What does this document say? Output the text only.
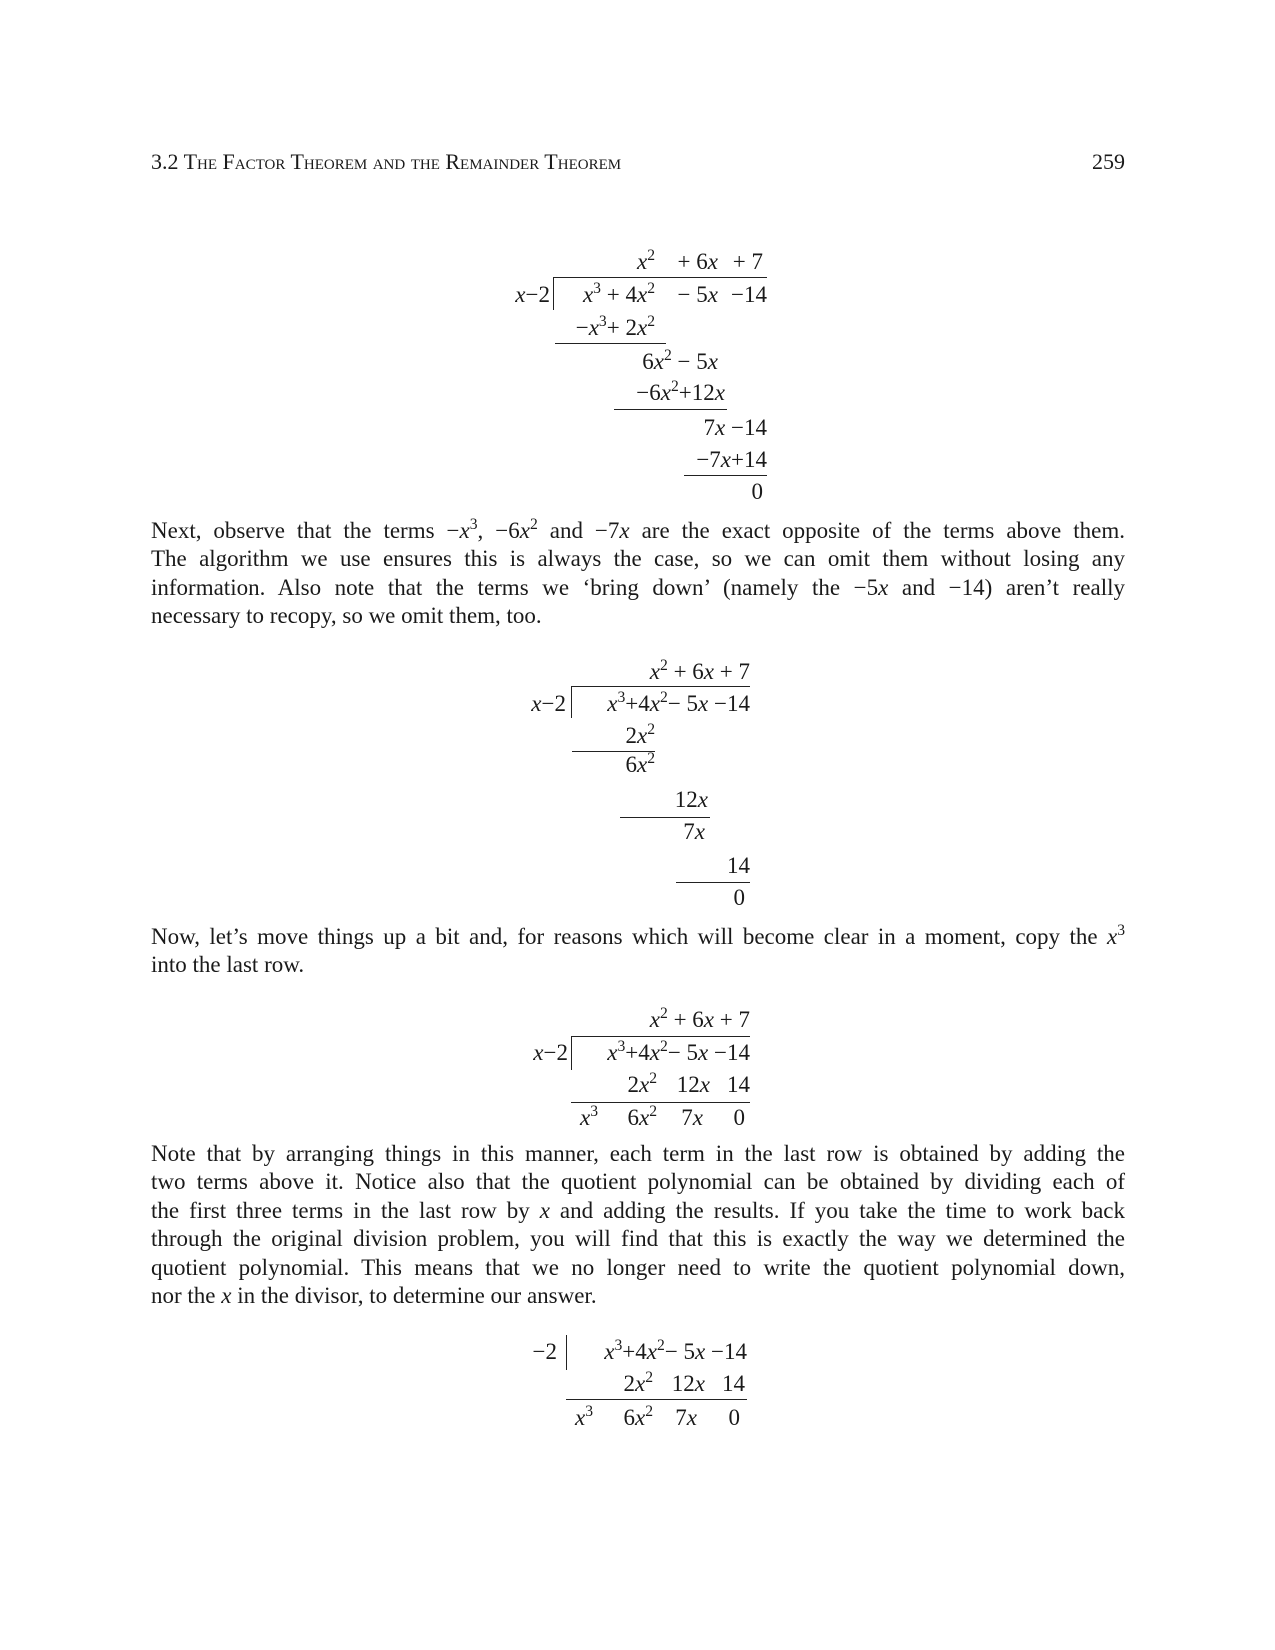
3.2 The Factor Theorem and the Remainder Theorem	259
$x^2 + 6x + 7$
x−2 $x^3 + 4x^2 - 5x -14$
$-x^3+ 2x^2$
$6x^2 - 5x$
$-6x^2+12x$
7x −14
−7x+14
0
Next, observe that the terms $-x^3$, $-6x^2$ and −7x are the exact opposite of the terms above them.
The algorithm we use ensures this is always the case, so we can omit them without losing any
information. Also note that the terms we ‘bring down’ (namely the −5x and −14) aren’t really
necessary to recopy, so we omit them, too.
$x^2 + 6x + 7$
x−2 $x^3+4x^2- 5x -14$
$2x^2$
$6x^2$
12x
7x
14
0
Now, let’s move things up a bit and, for reasons which will become clear in a moment, copy the $x^3$
into the last row.
$x^2 + 6x + 7$
x−2 $x^3+4x^2- 5x -14$
$2x^2$ 12x 14
$x^3$ $6x^2$ 7x 0
Note that by arranging things in this manner, each term in the last row is obtained by adding the
two terms above it. Notice also that the quotient polynomial can be obtained by dividing each of
the first three terms in the last row by x and adding the results. If you take the time to work back
through the original division problem, you will find that this is exactly the way we determined the
quotient polynomial. This means that we no longer need to write the quotient polynomial down,
nor the x in the divisor, to determine our answer.
−2 $x^3+4x^2- 5x -14$
$2x^2$ 12x 14
$x^3$ $6x^2$ 7x 0
